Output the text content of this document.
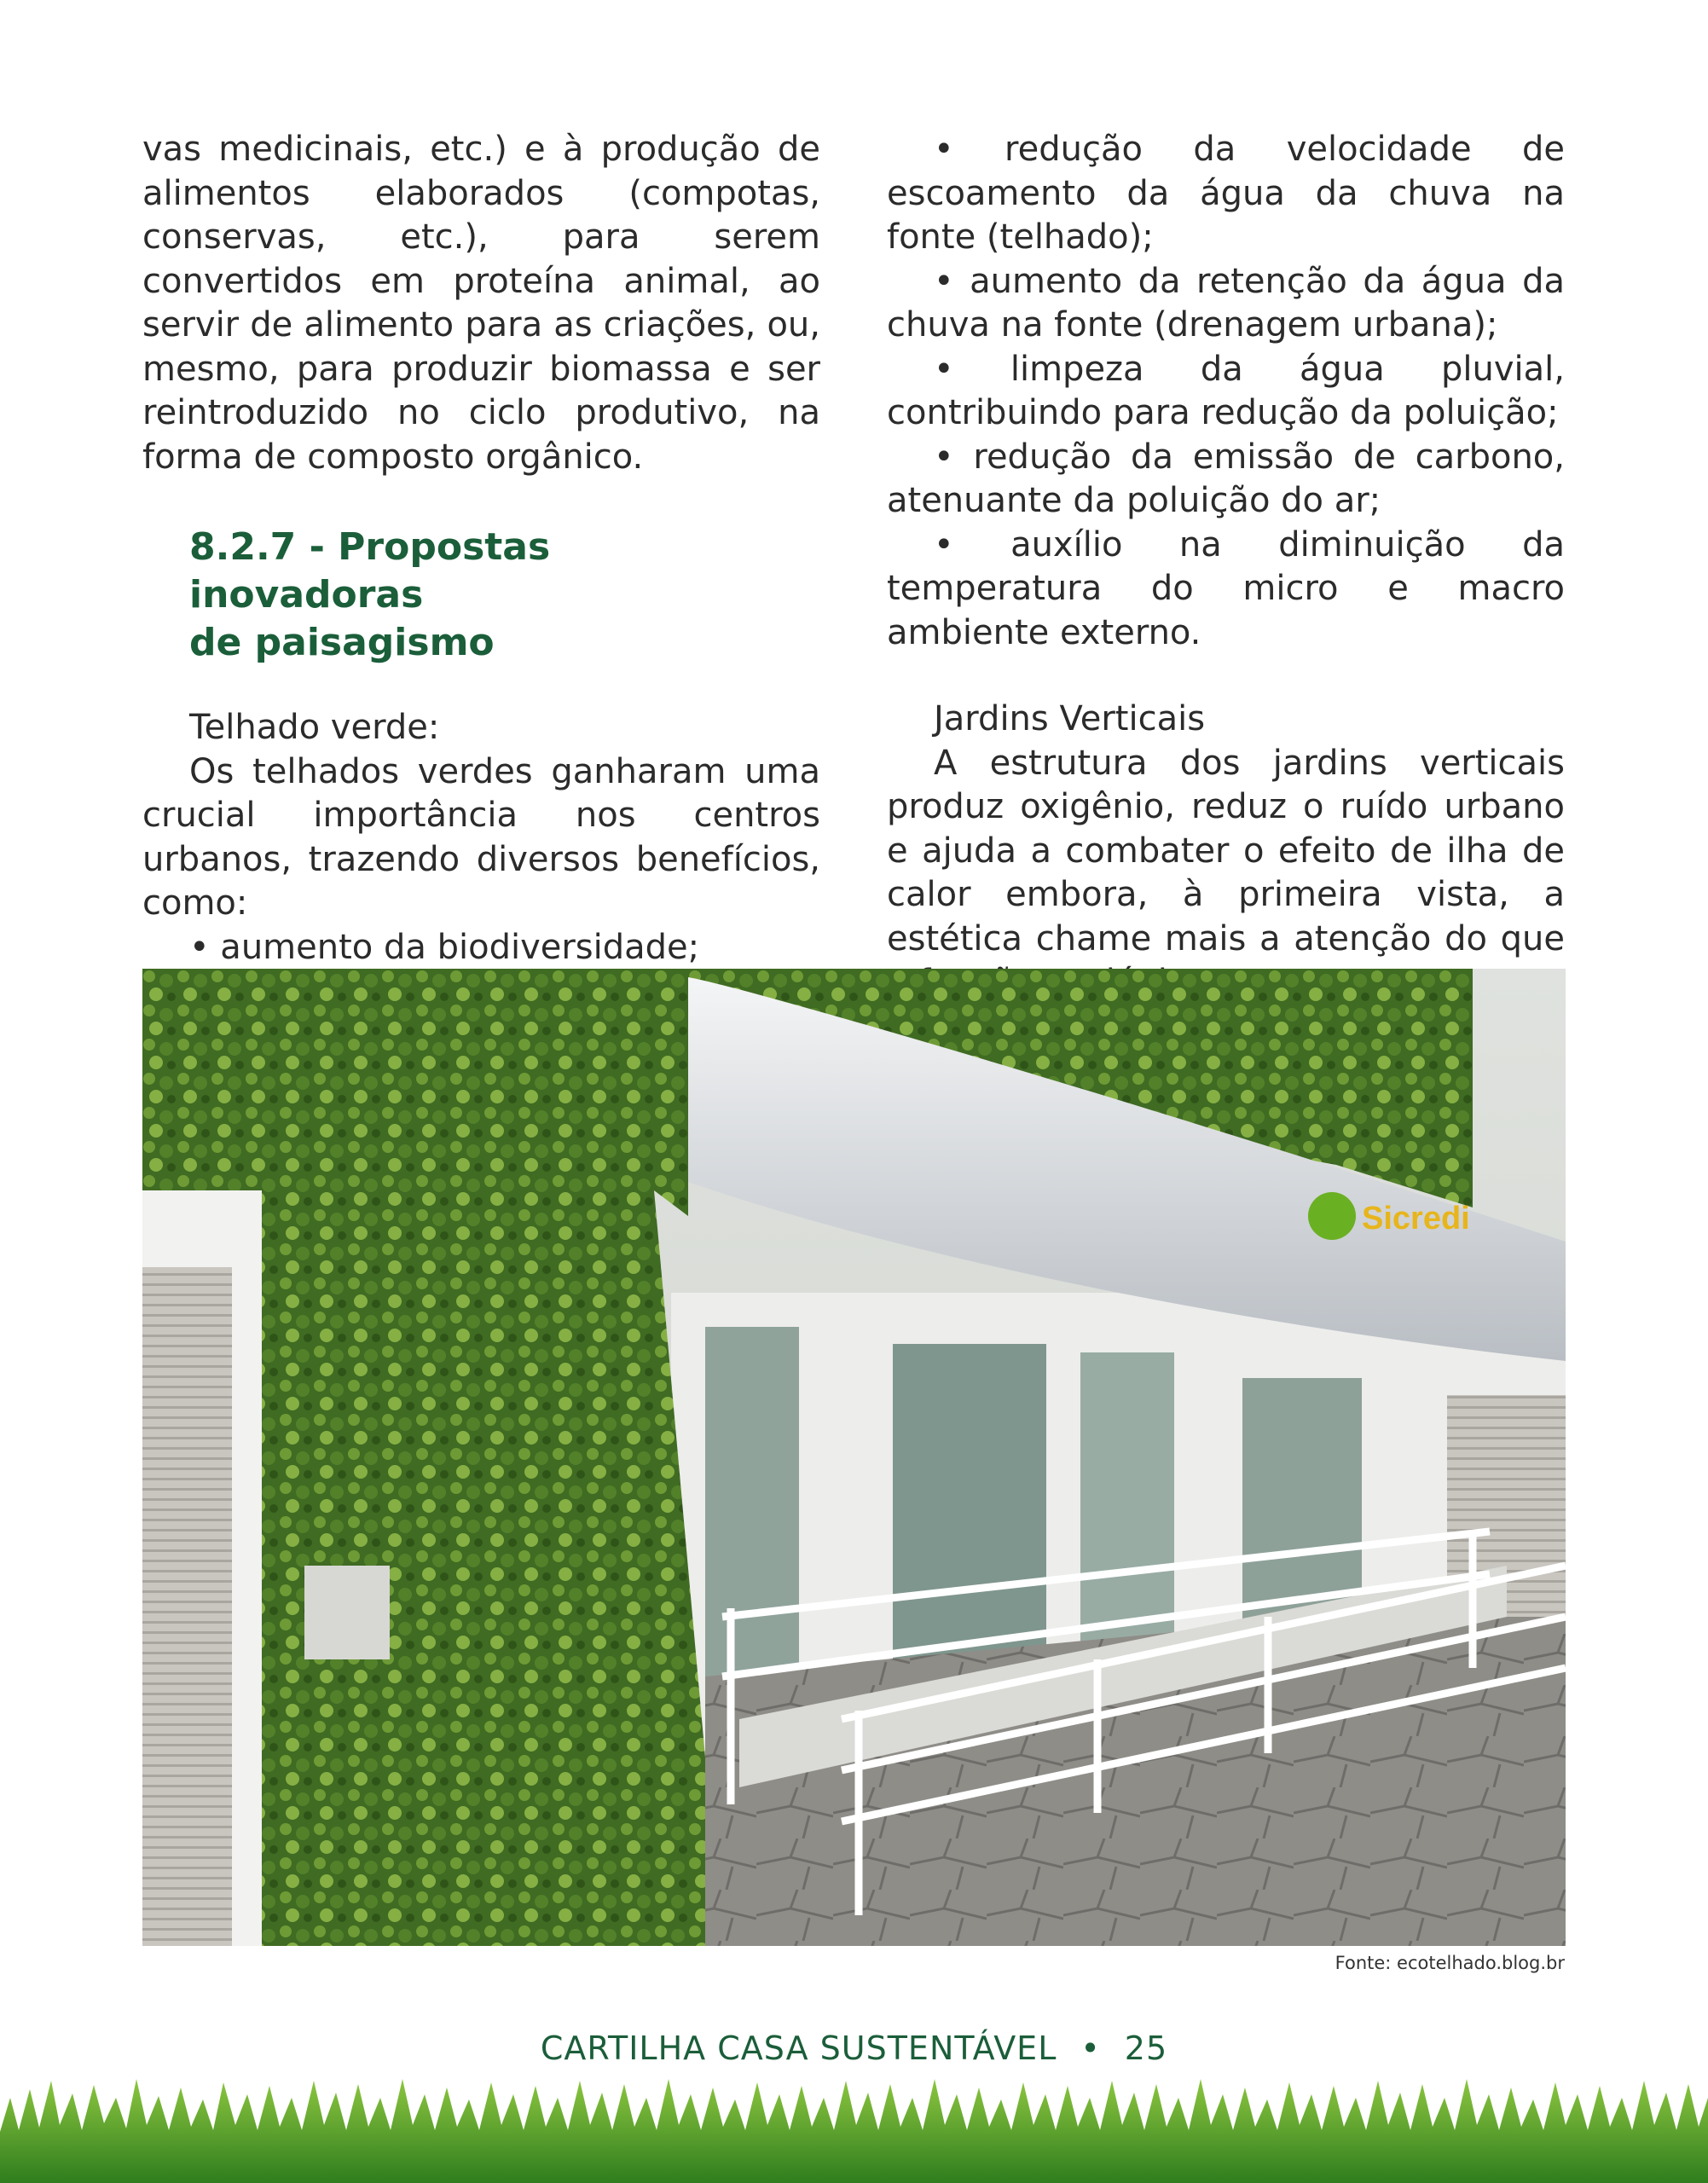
vas medicinais, etc.) e à produção de alimentos elaborados (compotas, conservas, etc.), para serem convertidos em proteína animal, ao servir de alimento para as criações, ou, mesmo, para produzir biomassa e ser reintroduzido no ciclo produtivo, na forma de composto orgânico.

8.2.7 - Propostas
inovadoras
de paisagismo

Telhado verde:

Os telhados verdes ganharam uma crucial importância nos centros urbanos, trazendo diversos benefícios, como:

• aumento da biodiversidade;

• redução da velocidade de escoamento da água da chuva na fonte (telhado);

• aumento da retenção da água da chuva na fonte (drenagem urbana);

• limpeza da água pluvial, contribuindo para redução da poluição;

• redução da emissão de carbono, atenuante da poluição do ar;

• auxílio na diminuição da temperatura do micro e macro ambiente externo.

Jardins Verticais

A estrutura dos jardins verticais produz oxigênio, reduz o ruído urbano e ajuda a combater o efeito de ilha de calor embora, à primeira vista, a estética chame mais a atenção do que

Sicredi
Fonte: ecotelhado.blog.br
CARTILHA CASA SUSTENTÁVEL • 25
